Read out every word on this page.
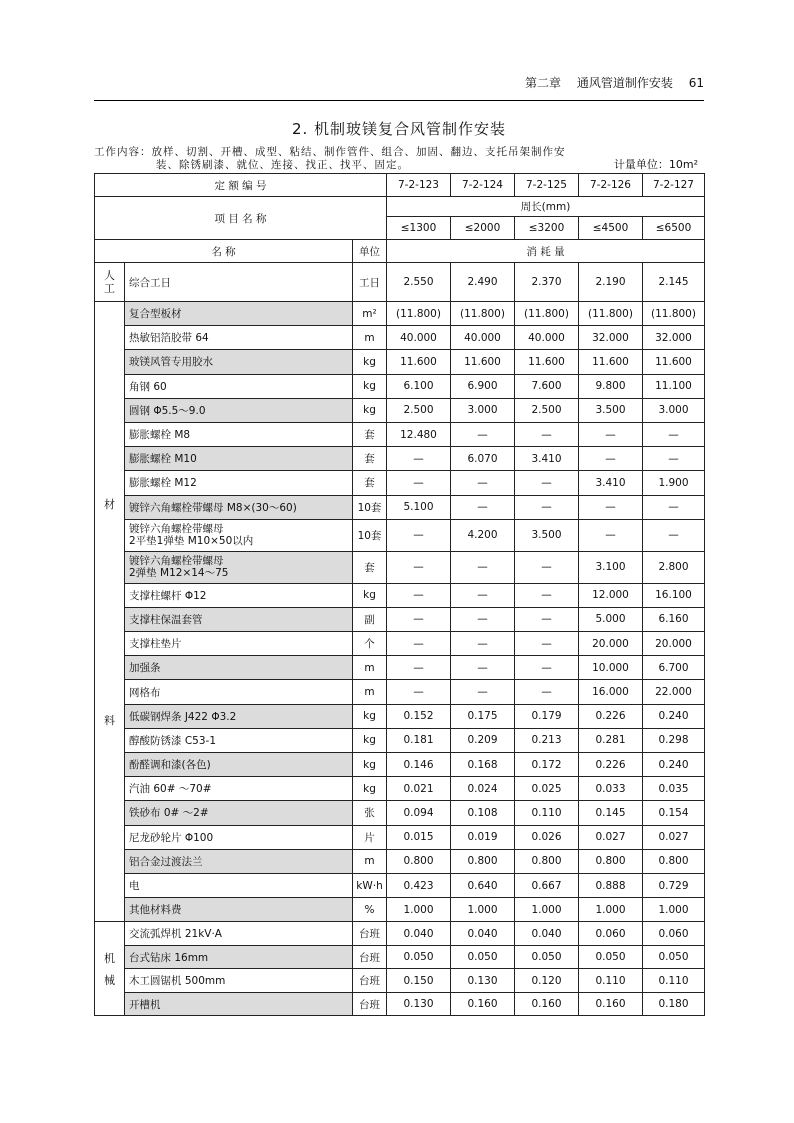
第二章 通风管道制作安装 61
2. 机制玻镁复合风管制作安装
工作内容：放样、切割、开槽、成型、粘结、制作管件、组合、加固、翻边、支托吊架制作安
装、除锈刷漆、就位、连接、找正、找平、固定。	计量单位：10m²
定 额 编 号			7-2-123	7-2-124	7-2-125	7-2-126	7-2-127
项 目 名 称			周长(mm)				
			≤1300	≤2000	≤3200	≤4500	≤6500
名 称		单位	消 耗 量				

人
工	综合工日	工日	2.550	2.490	2.370	2.190	2.145

材
料	复合型板材	m²	(11.800)	(11.800)	(11.800)	(11.800)	(11.800)
	热敏铝箔胶带 64	m	40.000	40.000	40.000	32.000	32.000
	玻镁风管专用胶水	kg	11.600	11.600	11.600	11.600	11.600
	角钢 60	kg	6.100	6.900	7.600	9.800	11.100
	圆钢 Φ5.5～9.0	kg	2.500	3.000	2.500	3.500	3.000
	膨胀螺栓 M8	套	12.480	—	—	—	—
	膨胀螺栓 M10	套	—	6.070	3.410	—	—
	膨胀螺栓 M12	套	—	—	—	3.410	1.900
	镀锌六角螺栓带螺母 M8×(30～60)	10套	5.100	—	—	—	—

	镀锌六角螺栓带螺母
2平垫1弹垫 M10×50以内	10套	—	4.200	3.500	—	—

	镀锌六角螺栓带螺母
2弹垫 M12×14～75	套	—	—	—	3.100	2.800
	支撑柱螺杆 Φ12	kg	—	—	—	12.000	16.100
	支撑柱保温套管	副	—	—	—	5.000	6.160
	支撑柱垫片	个	—	—	—	20.000	20.000
	加强条	m	—	—	—	10.000	6.700
	网格布	m	—	—	—	16.000	22.000
	低碳钢焊条 J422 Φ3.2	kg	0.152	0.175	0.179	0.226	0.240
	醇酸防锈漆 C53-1	kg	0.181	0.209	0.213	0.281	0.298
	酚醛调和漆(各色)	kg	0.146	0.168	0.172	0.226	0.240
	汽油 60# ～70#	kg	0.021	0.024	0.025	0.033	0.035
	铁砂布 0# ～2#	张	0.094	0.108	0.110	0.145	0.154
	尼龙砂轮片 Φ100	片	0.015	0.019	0.026	0.027	0.027
	铝合金过渡法兰	m	0.800	0.800	0.800	0.800	0.800
	电	kW·h	0.423	0.640	0.667	0.888	0.729
	其他材料费	%	1.000	1.000	1.000	1.000	1.000

机
械	交流弧焊机 21kV·A	台班	0.040	0.040	0.040	0.060	0.060
	台式钻床 16mm	台班	0.050	0.050	0.050	0.050	0.050
	木工圆锯机 500mm	台班	0.150	0.130	0.120	0.110	0.110
	开槽机	台班	0.130	0.160	0.160	0.160	0.180
